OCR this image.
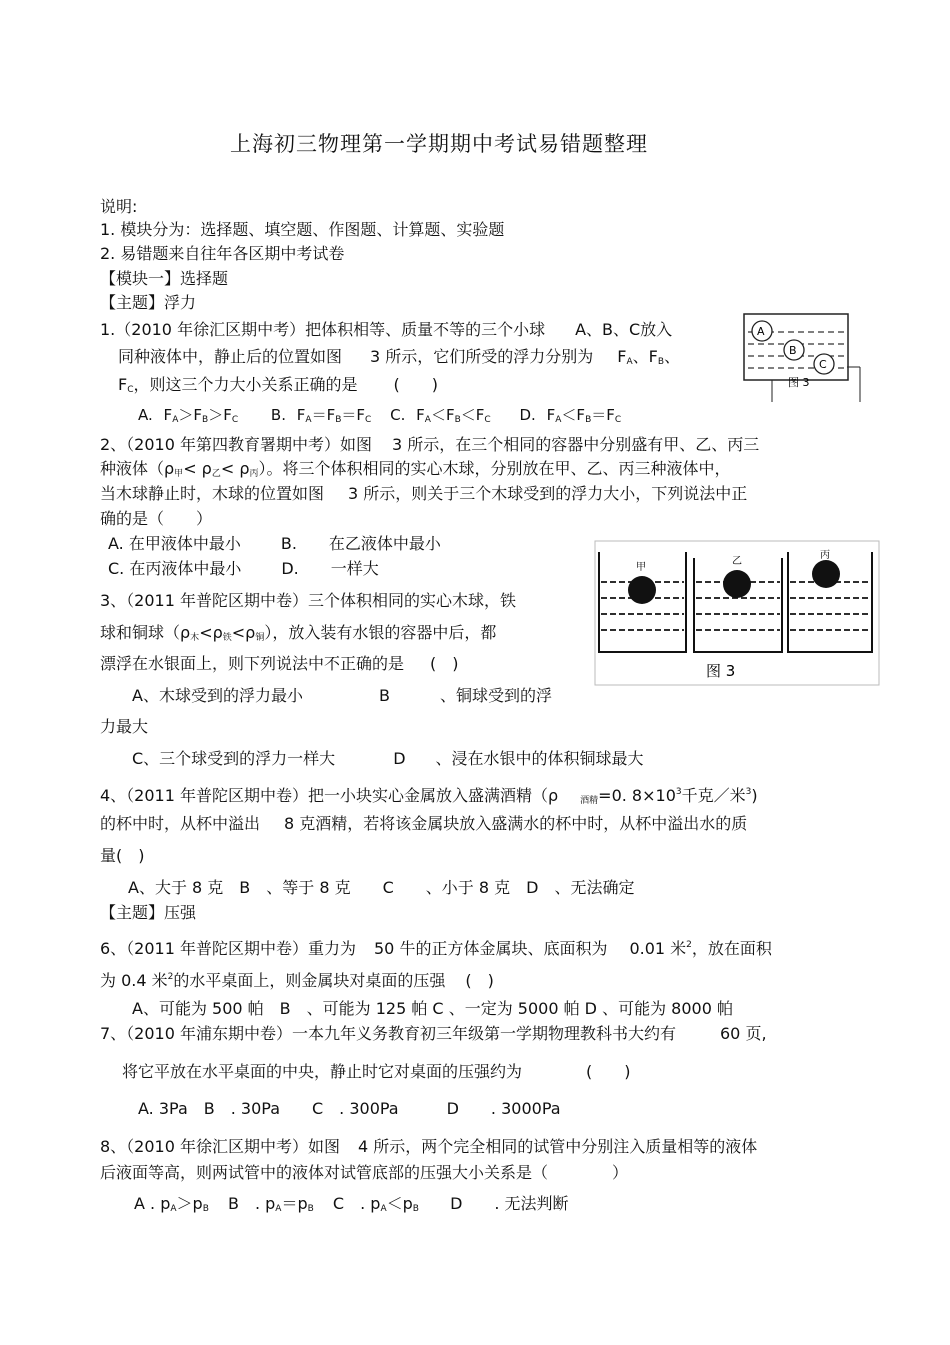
上海初三物理第一学期期中考试易错题整理
说明:
1. 模块分为：选择题、填空题、作图题、计算题、实验题
2. 易错题来自往年各区期中考试卷
【模块一】选择题
【主题】浮力
1.（2010 年徐汇区期中考）把体积相等、质量不等的三个小球 A、B、C放入
同种液体中，静止后的位置如图 3 所示，它们所受的浮力分别为 $F_A$、$F_B$、
$F_C$，则这三个力大小关系正确的是 (　　)
A. $F_A>F_B>F_C$ B. $F_A=F_B=F_C$ C. $F_A<F_B<F_C$ D. $F_A<F_B=F_C$
A
B
C
图 3
2、（2010 年第四教育署期中考）如图 3 所示，在三个相同的容器中分别盛有甲、乙、丙三
种液体$(\rho_甲< \rho_乙< \rho_丙)$。将三个体积相同的实心木球，分别放在甲、乙、丙三种液体中，
当木球静止时，木球的位置如图 3 所示，则关于三个木球受到的浮力大小，下列说法中正
确的是（　　）
A. 在甲液体中最小	B. 在乙液体中最小
C. 在丙液体中最小	D. 一样大	甲
乙
丙
图 3
3、（2011 年普陀区期中卷）三个体积相同的实心木球，铁
球和铜球$(\rho_木<\rho_铁<\rho_铜)$，放入装有水银的容器中后，都
漂浮在水银面上，则下列说法中不正确的是 (　)
A、木球受到的浮力最小	B	、铜球受到的浮
力最大
C、三个球受到的浮力一样大	D 、浸在水银中的体积铜球最大
4、（2011 年普陀区期中卷）把一小块实心金属放入盛满酒精（ρ $_{酒精}$=0. $8\times 10^3$千克／米$^3$)
的杯中时，从杯中溢出 8 克酒精，若将该金属块放入盛满水的杯中时，从杯中溢出水的质
量(　)
A、大于 8 克　B　、等于 8 克　　C　　、小于 8 克　D　、无法确定
【主题】压强
6、（2011 年普陀区期中卷）重力为 50 牛的正方体金属块、底面积为 0.01 米$^2$，放在面积
为 0.4 米$^2$的水平桌面上，则金属块对桌面的压强 (　)
A、可能为 500 帕　B　、可能为 125 帕 C 、一定为 5000 帕 D 、可能为 8000 帕
7、（2010 年浦东期中卷）一本九年义务教育初三年级第一学期物理教科书大约有	60 页,
将它平放在水平桌面的中央，静止时它对桌面的压强约为	(　　)
A. 3Pa　B　. 30Pa　　C　. 300Pa　　　D　　. 3000Pa
8、（2010 年徐汇区期中考）如图 4 所示，两个完全相同的试管中分别注入质量相等的液体
后液面等高，则两试管中的液体对试管底部的压强大小关系是（　　　　）
A . $p_A>p_B$ B　. $p_A=p_B$ C　. $p_A<p_B$ D　　. 无法判断
